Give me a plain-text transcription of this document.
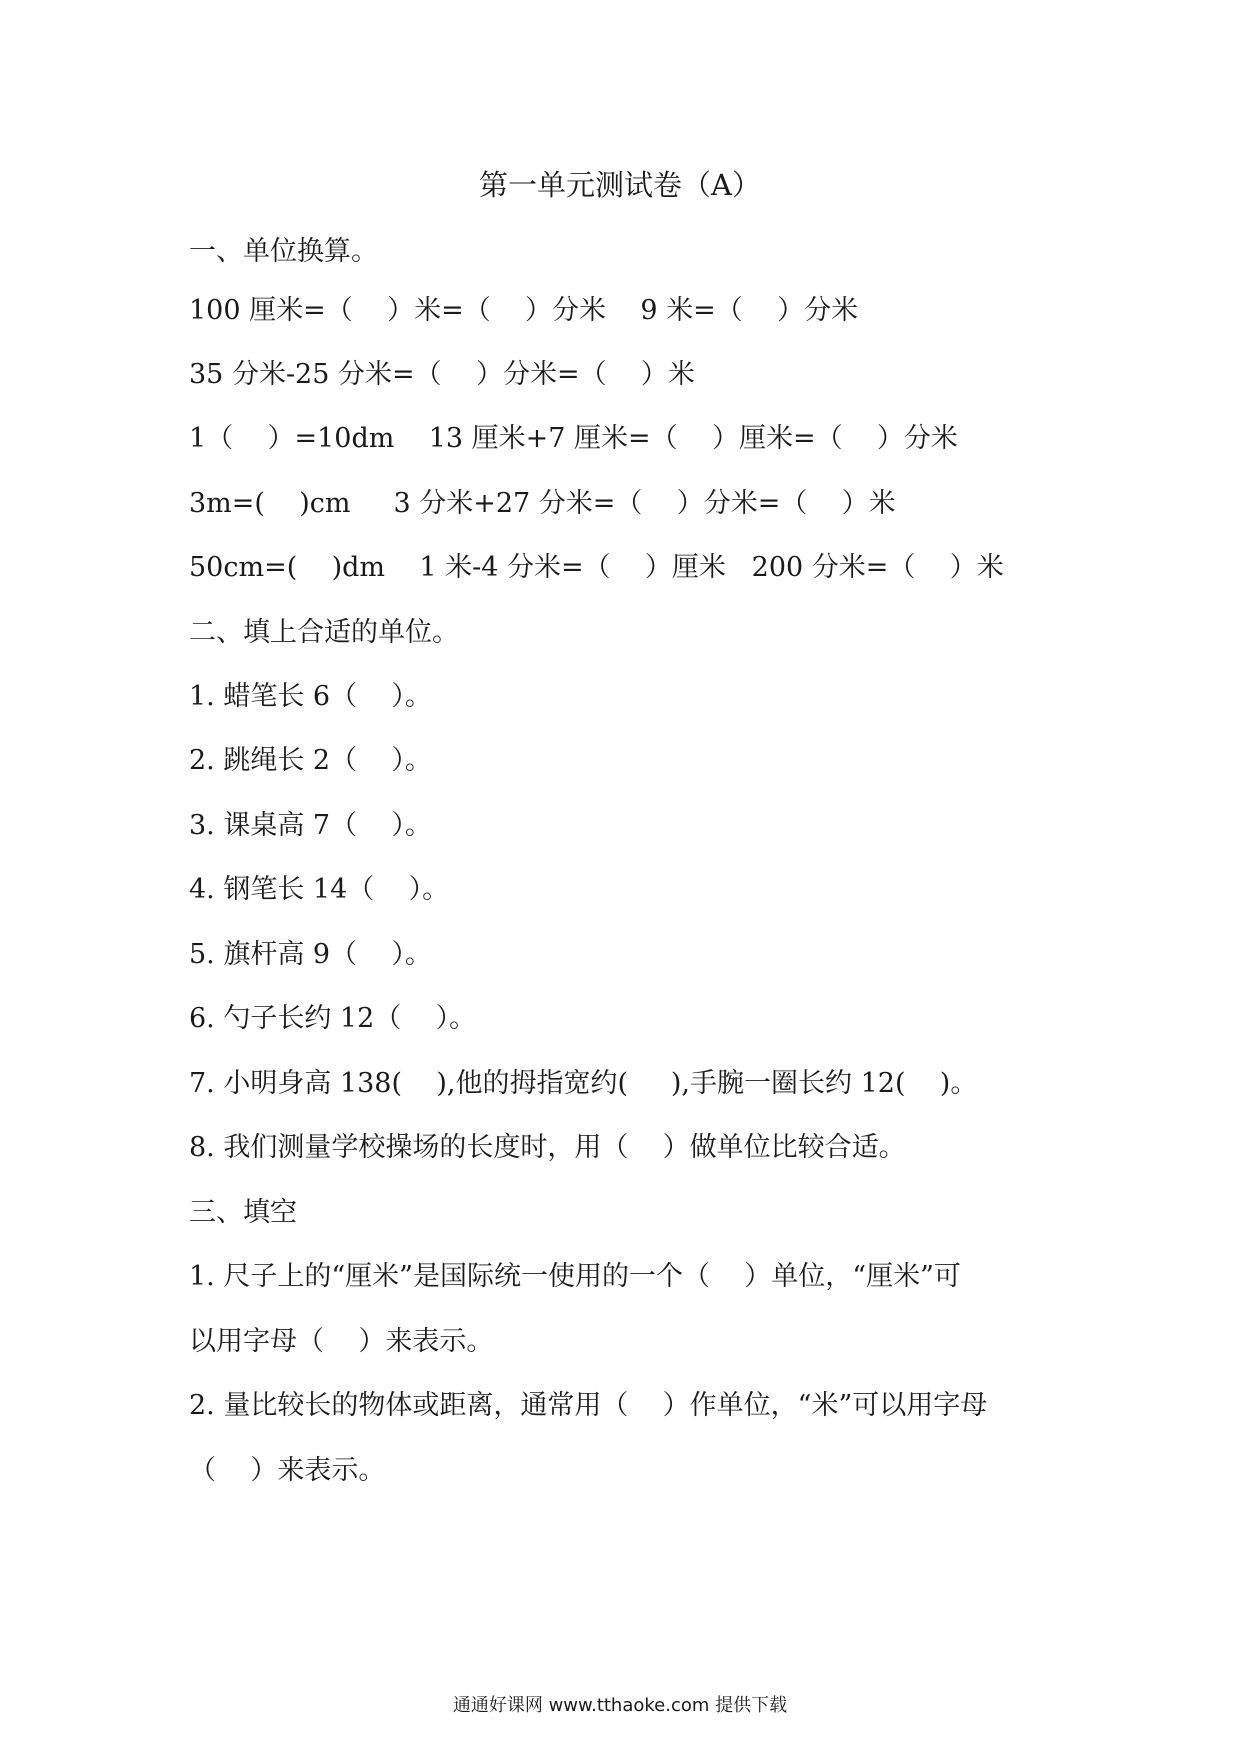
第一单元测试卷（A）
一、单位换算。
100 厘米=（    ）米=（    ）分米    9 米=（    ）分米
35 分米-25 分米=（    ）分米=（    ）米
1（    ）=10dm    13 厘米+7 厘米=（    ）厘米=（    ）分米
3m=(    )cm     3 分米+27 分米=（    ）分米=（    ）米
50cm=(    )dm    1 米-4 分米=（    ）厘米   200 分米=（    ）米
二、填上合适的单位。
1. 蜡笔长 6（    ）。
2. 跳绳长 2（    ）。
3. 课桌高 7（    ）。
4. 钢笔长 14（    ）。
5. 旗杆高 9（    ）。
6. 勺子长约 12（    ）。
7. 小明身高 138(    ),他的拇指宽约(     ),手腕一圈长约 12(    )。
8. 我们测量学校操场的长度时，用（    ）做单位比较合适。
三、填空
1. 尺子上的“厘米”是国际统一使用的一个（    ）单位，“厘米”可
以用字母（    ）来表示。
2. 量比较长的物体或距离，通常用（    ）作单位，“米”可以用字母
（    ）来表示。
通通好课网 www.tthaoke.com 提供下载
